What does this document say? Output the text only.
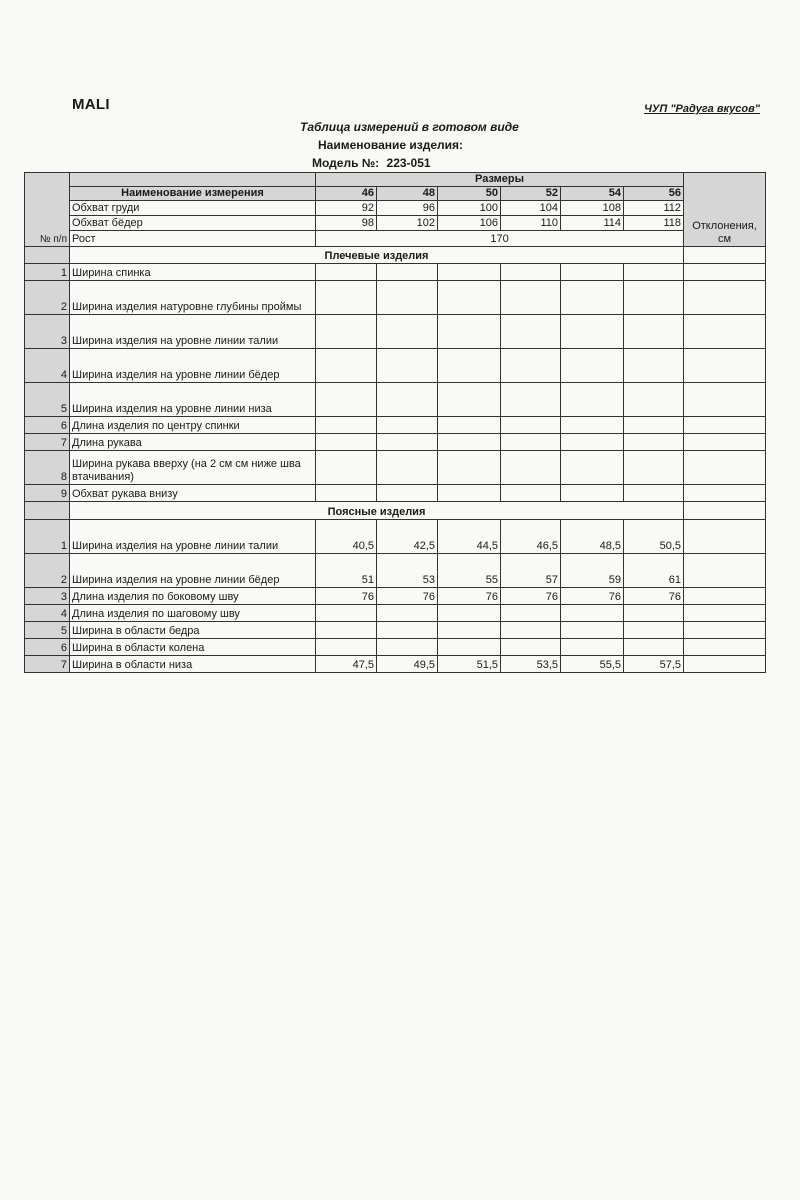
MALI	ЧУП "Радуга вкусов"
Таблица измерений в готовом виде
Наименование изделия:
Модель №: 223-051
№ п/п		Размеры						Отклонения, см
	Наименование измерения	46	48	50	52	54	56	
	Обхват груди	92	96	100	104	108	112	
	Обхват бёдер	98	102	106	110	114	118	
	Рост	170						
	Плечевые изделия							
1	Ширина спинка							
2	Ширина изделия натуровне глубины проймы							
3	Ширина изделия на уровне линии талии							
4	Ширина изделия на уровне линии бёдер							
5	Ширина изделия на уровне линии низа							
6	Длина изделия по центру спинки							
7	Длина рукава							
8	Ширина рукава вверху (на 2 см см ниже шва втачивания)							
9	Обхват рукава внизу							
	Поясные изделия							
1	Ширина изделия на уровне линии талии	40,5	42,5	44,5	46,5	48,5	50,5	
2	Ширина изделия на уровне линии бёдер	51	53	55	57	59	61	
3	Длина изделия по боковому шву	76	76	76	76	76	76	
4	Длина изделия по шаговому шву							
5	Ширина в области бедра							
6	Ширина в области колена							
7	Ширина в области низа	47,5	49,5	51,5	53,5	55,5	57,5	
